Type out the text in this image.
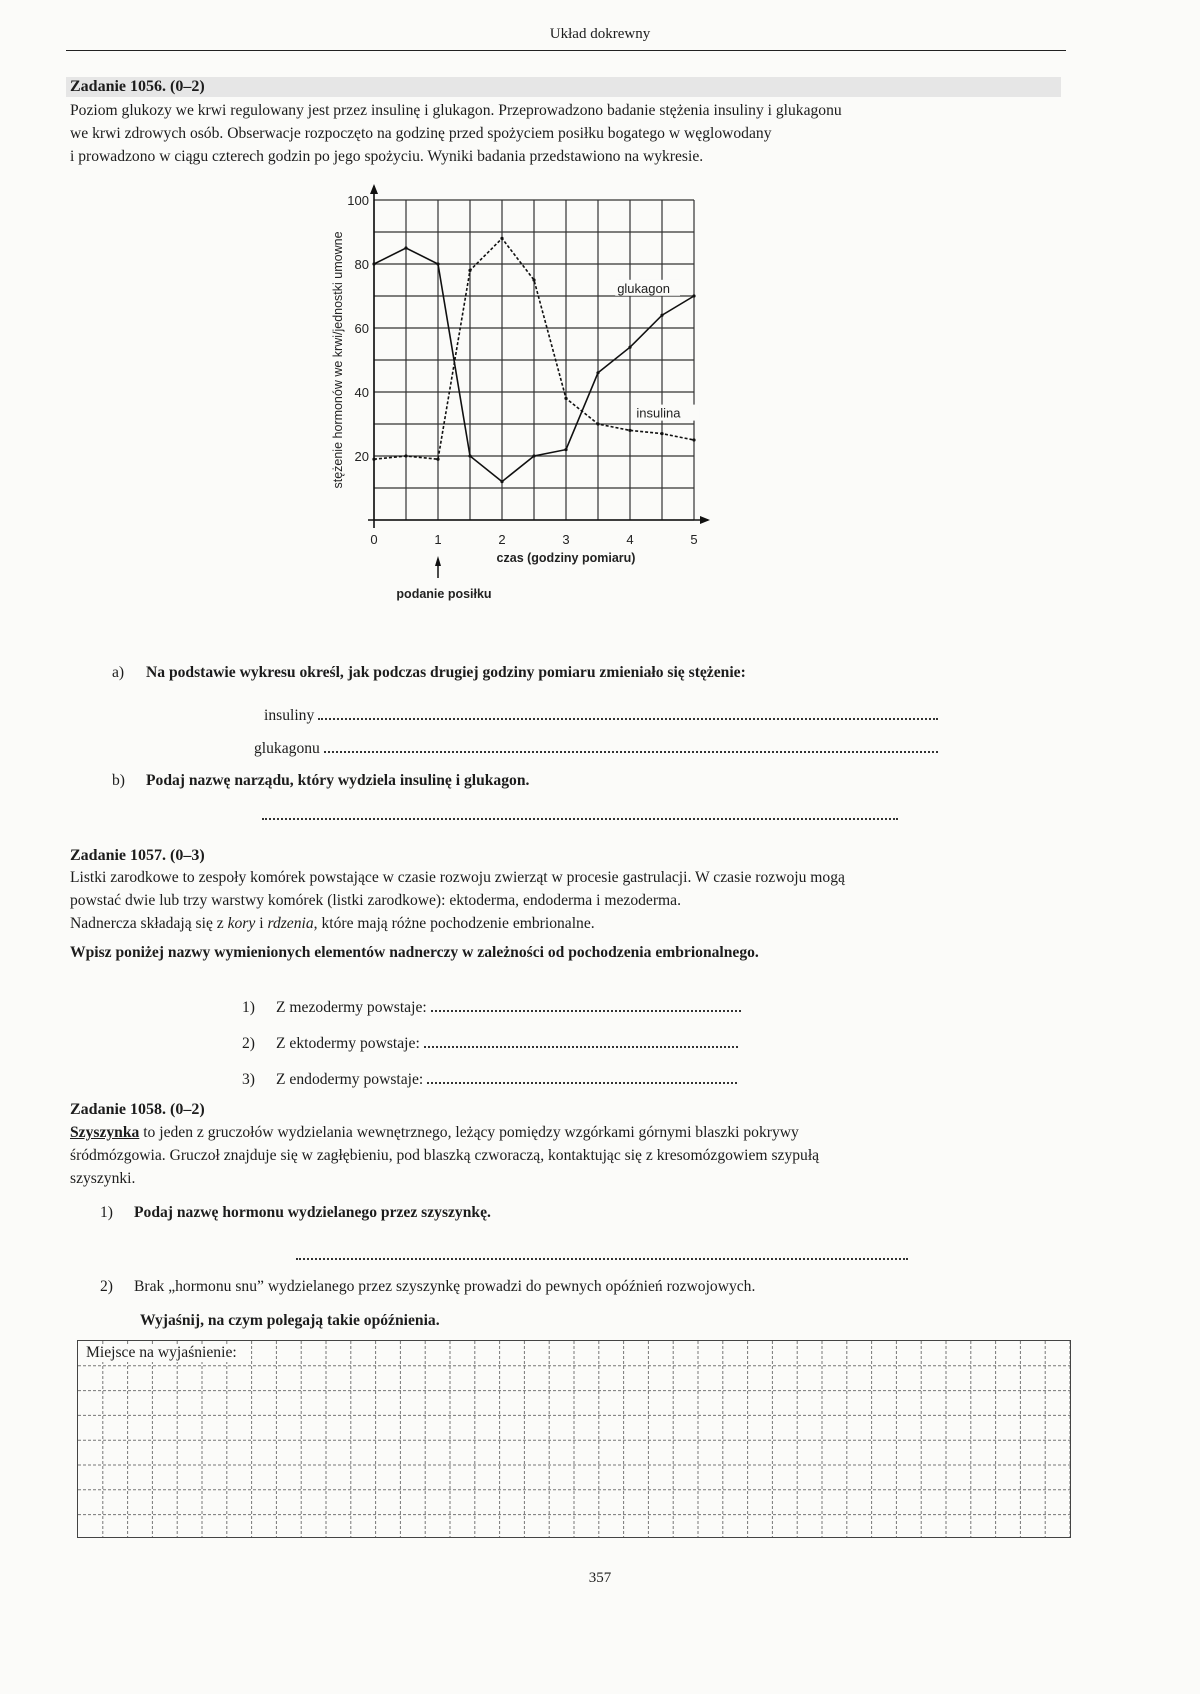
Układ dokrewny
Zadanie 1056. (0–2)
Poziom glukozy we krwi regulowany jest przez insulinę i glukagon. Przeprowadzono badanie stężenia insuliny i glukagonu
we krwi zdrowych osób. Obserwacje rozpoczęto na godzinę przed spożyciem posiłku bogatego w węglowodany
i prowadzono w ciągu czterech godzin po jego spożyciu. Wyniki badania przedstawiono na wykresie.
0	1	2	3	4	5
20
40
60
80
100
czas (godziny pomiaru)
stężenie hormonów we krwi/jednostki umowne
podanie posiłku
glukagon
insulina
a) Na podstawie wykresu określ, jak podczas drugiej godziny pomiaru zmieniało się stężenie:
insuliny
glukagonu
b) Podaj nazwę narządu, który wydziela insulinę i glukagon.
Zadanie 1057. (0–3)
Listki zarodkowe to zespoły komórek powstające w czasie rozwoju zwierząt w procesie gastrulacji. W czasie rozwoju mogą
powstać dwie lub trzy warstwy komórek (listki zarodkowe): ektoderma, endoderma i mezoderma.
Nadnercza składają się z kory i rdzenia, które mają różne pochodzenie embrionalne.
Wpisz poniżej nazwy wymienionych elementów nadnerczy w zależności od pochodzenia embrionalnego.
1) Z mezodermy powstaje:
2) Z ektodermy powstaje:
3) Z endodermy powstaje:
Zadanie 1058. (0–2)
Szyszynka to jeden z gruczołów wydzielania wewnętrznego, leżący pomiędzy wzgórkami górnymi blaszki pokrywy
śródmózgowia. Gruczoł znajduje się w zagłębieniu, pod blaszką czworaczą, kontaktując się z kresomózgowiem szypułą
szyszynki.
1) Podaj nazwę hormonu wydzielanego przez szyszynkę.
2) Brak „hormonu snu” wydzielanego przez szyszynkę prowadzi do pewnych opóźnień rozwojowych.
Wyjaśnij, na czym polegają takie opóźnienia.
Miejsce na wyjaśnienie:
357
